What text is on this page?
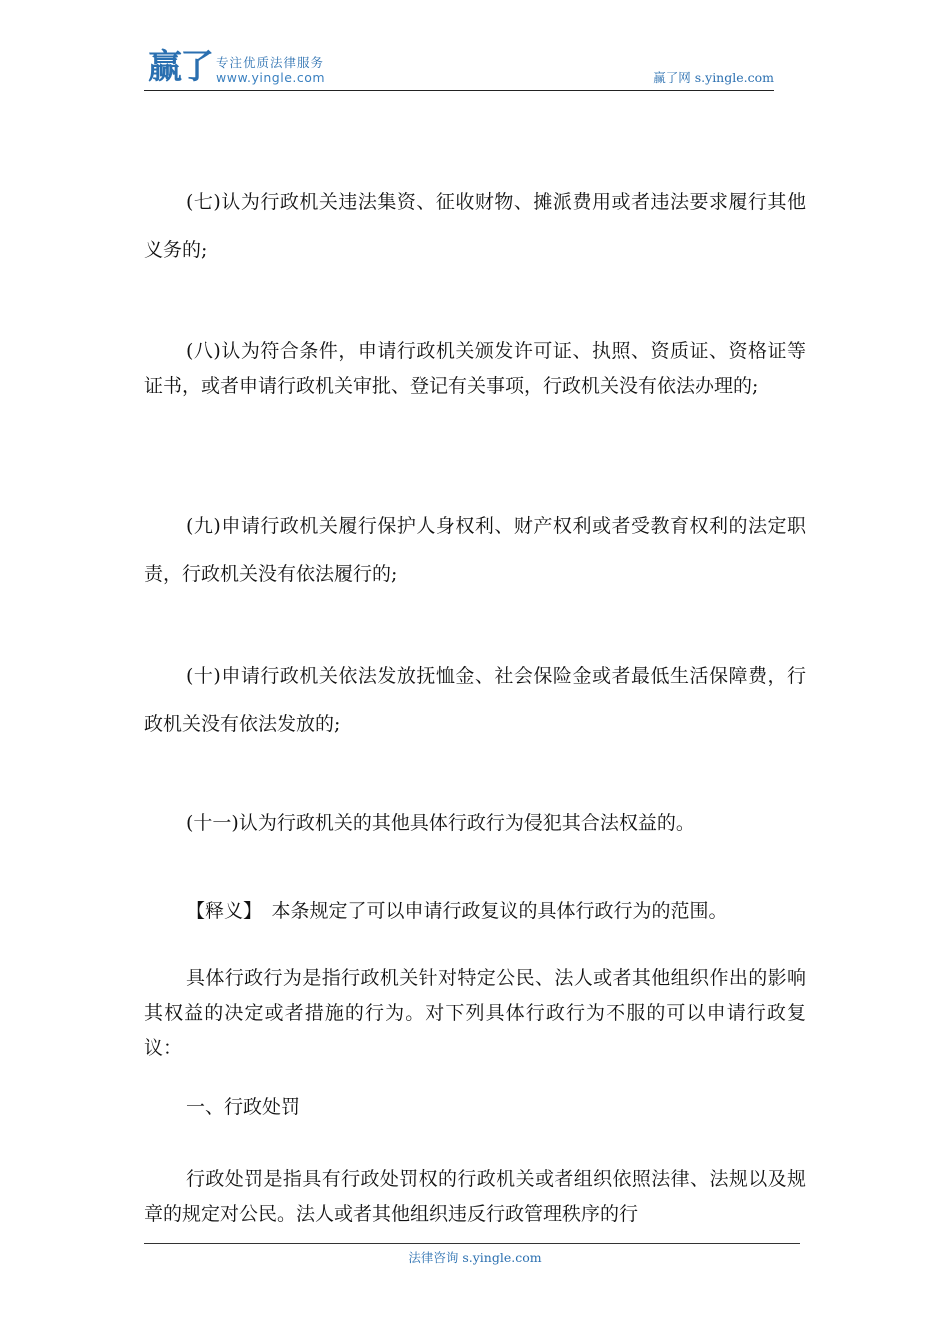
赢了 专注优质法律服务
www.yingle.com	赢了网 s.yingle.com

(七)认为行政机关违法集资、征收财物、摊派费用或者违法要求履行其他义务的;

(八)认为符合条件，申请行政机关颁发许可证、执照、资质证、资格证等证书，或者申请行政机关审批、登记有关事项，行政机关没有依法办理的;

(九)申请行政机关履行保护人身权利、财产权利或者受教育权利的法定职责，行政机关没有依法履行的;

(十)申请行政机关依法发放抚恤金、社会保险金或者最低生活保障费，行政机关没有依法发放的;

(十一)认为行政机关的其他具体行政行为侵犯其合法权益的。

【释义】　本条规定了可以申请行政复议的具体行政行为的范围。

具体行政行为是指行政机关针对特定公民、法人或者其他组织作出的影响其权益的决定或者措施的行为。对下列具体行政行为不服的可以申请行政复议：

一、行政处罚

行政处罚是指具有行政处罚权的行政机关或者组织依照法律、法规以及规章的规定对公民。法人或者其他组织违反行政管理秩序的行

法律咨询 s.yingle.com
